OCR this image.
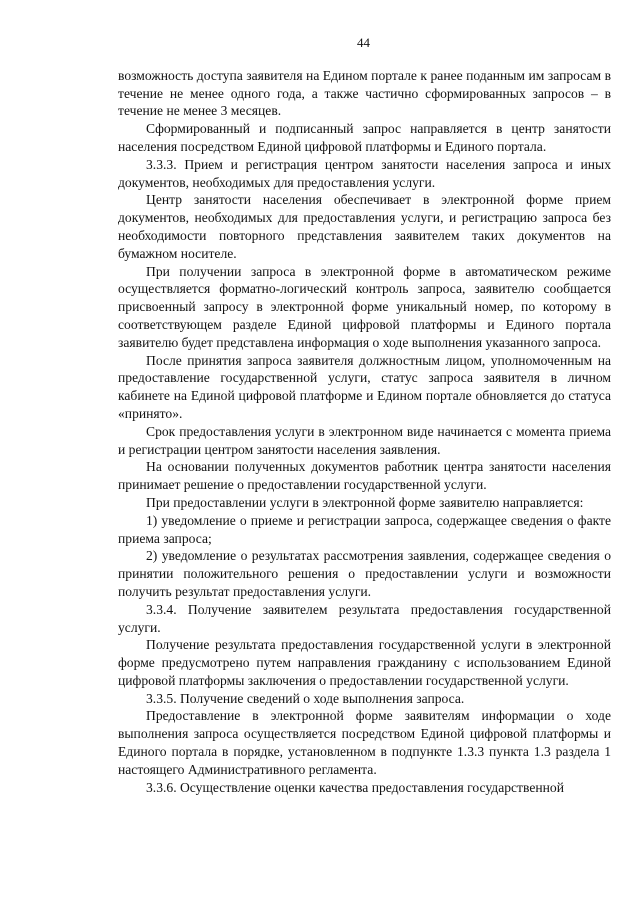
44

возможность доступа заявителя на Едином портале к ранее поданным им запросам в течение не менее одного года, а также частично сформированных запросов – в течение не менее 3 месяцев.

Сформированный и подписанный запрос направляется в центр занятости населения посредством Единой цифровой платформы и Единого портала.

3.3.3. Прием и регистрация центром занятости населения запроса и иных документов, необходимых для предоставления услуги.

Центр занятости населения обеспечивает в электронной форме прием документов, необходимых для предоставления услуги, и регистрацию запроса без необходимости повторного представления заявителем таких документов на бумажном носителе.

При получении запроса в электронной форме в автоматическом режиме осуществляется форматно-логический контроль запроса, заявителю сообщается присвоенный запросу в электронной форме уникальный номер, по которому в соответствующем разделе Единой цифровой платформы и Единого портала заявителю будет представлена информация о ходе выполнения указанного запроса.

После принятия запроса заявителя должностным лицом, уполномоченным на предоставление государственной услуги, статус запроса заявителя в личном кабинете на Единой цифровой платформе и Едином портале обновляется до статуса «принято».

Срок предоставления услуги в электронном виде начинается с момента приема и регистрации центром занятости населения заявления.

На основании полученных документов работник центра занятости населения принимает решение о предоставлении государственной услуги.

При предоставлении услуги в электронной форме заявителю направляется:

1) уведомление о приеме и регистрации запроса, содержащее сведения о факте приема запроса;

2) уведомление о результатах рассмотрения заявления, содержащее сведения о принятии положительного решения о предоставлении услуги и возможности получить результат предоставления услуги.

3.3.4. Получение заявителем результата предоставления государственной услуги.

Получение результата предоставления государственной услуги в электронной форме предусмотрено путем направления гражданину с использованием Единой цифровой платформы заключения о предоставлении государственной услуги.

3.3.5. Получение сведений о ходе выполнения запроса.

Предоставление в электронной форме заявителям информации о ходе выполнения запроса осуществляется посредством Единой цифровой платформы и Единого портала в порядке, установленном в подпункте 1.3.3 пункта 1.3 раздела 1 настоящего Административного регламента.

3.3.6. Осуществление оценки качества предоставления государственной
